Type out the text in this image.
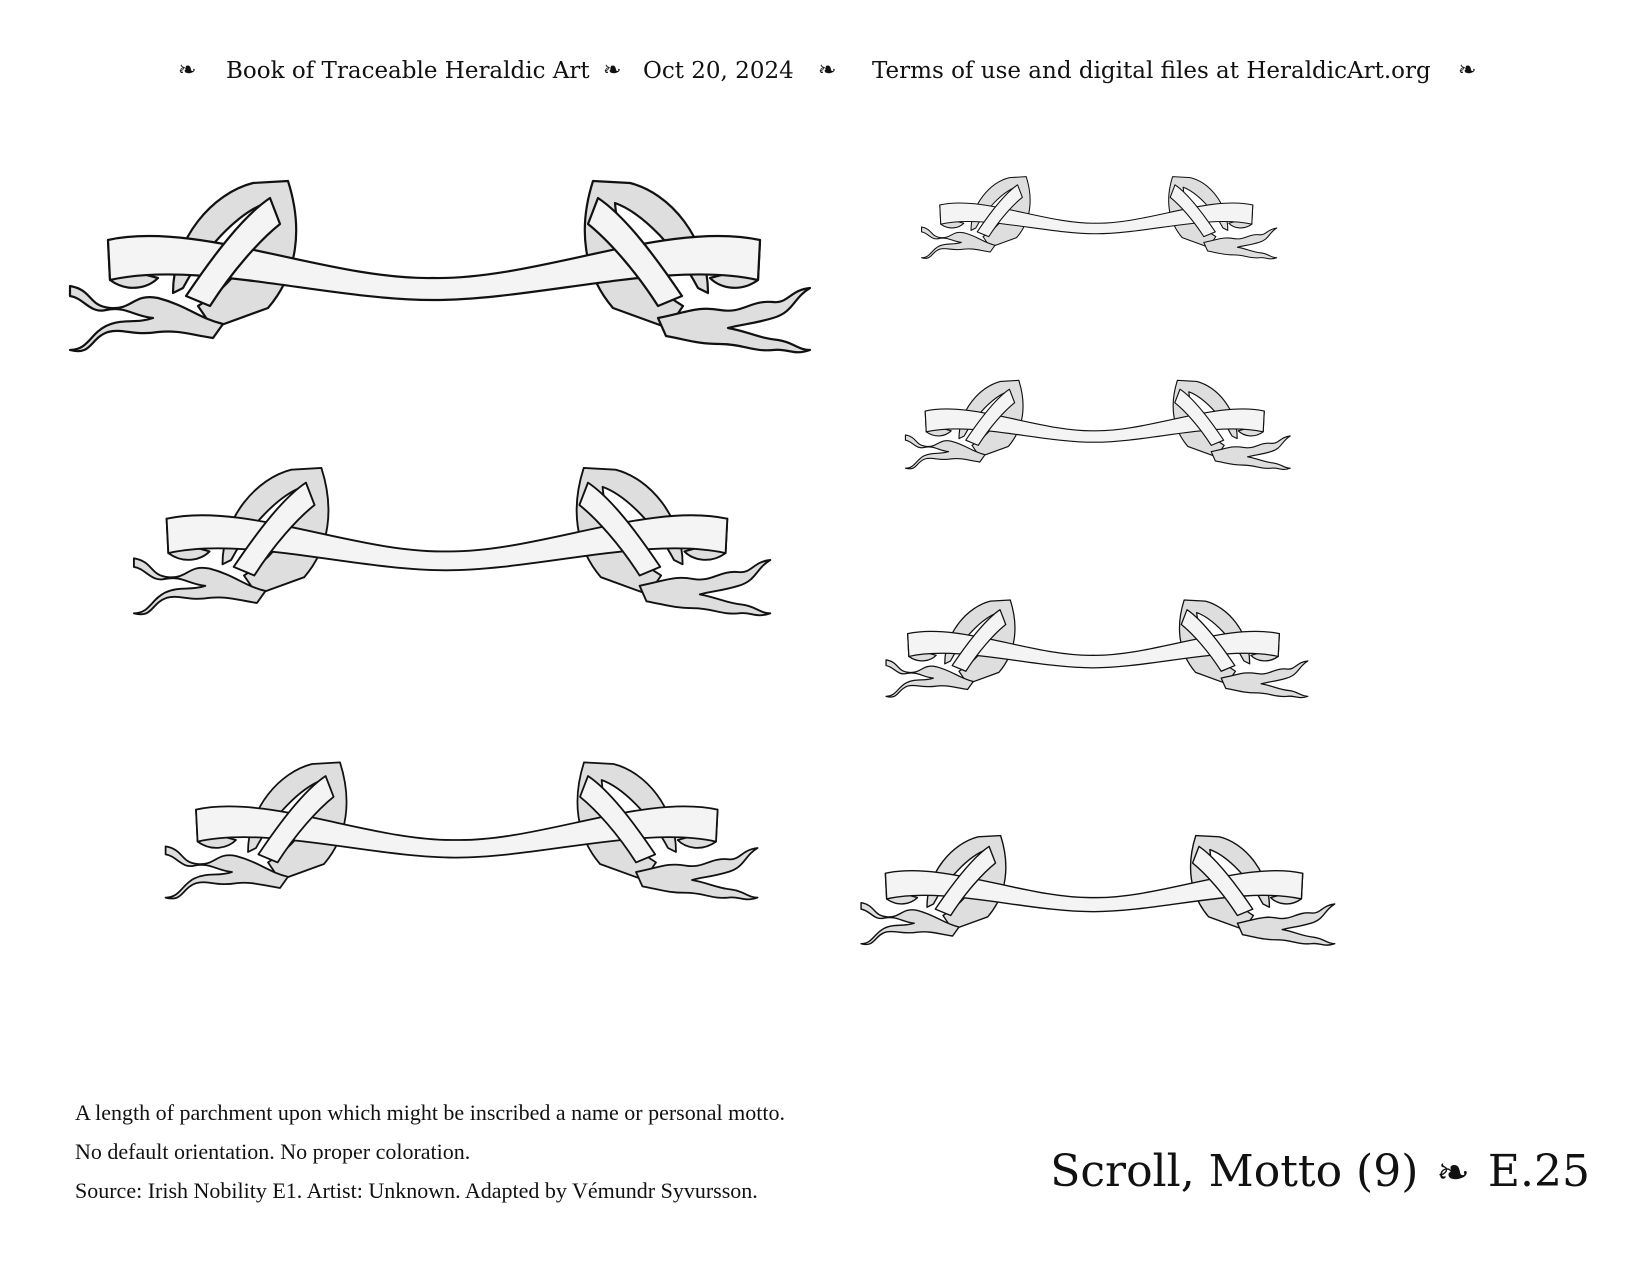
❧ Book of Traceable Heraldic Art ❧ Oct 20, 2024 ❧ Terms of use and digital files at HeraldicArt.org ❧
A length of parchment upon which might be inscribed a name or personal motto.
No default orientation. No proper coloration.
Source: Irish Nobility E1. Artist: Unknown. Adapted by Vémundr Syvursson.	Scroll, Motto (9) ❧ E.25
